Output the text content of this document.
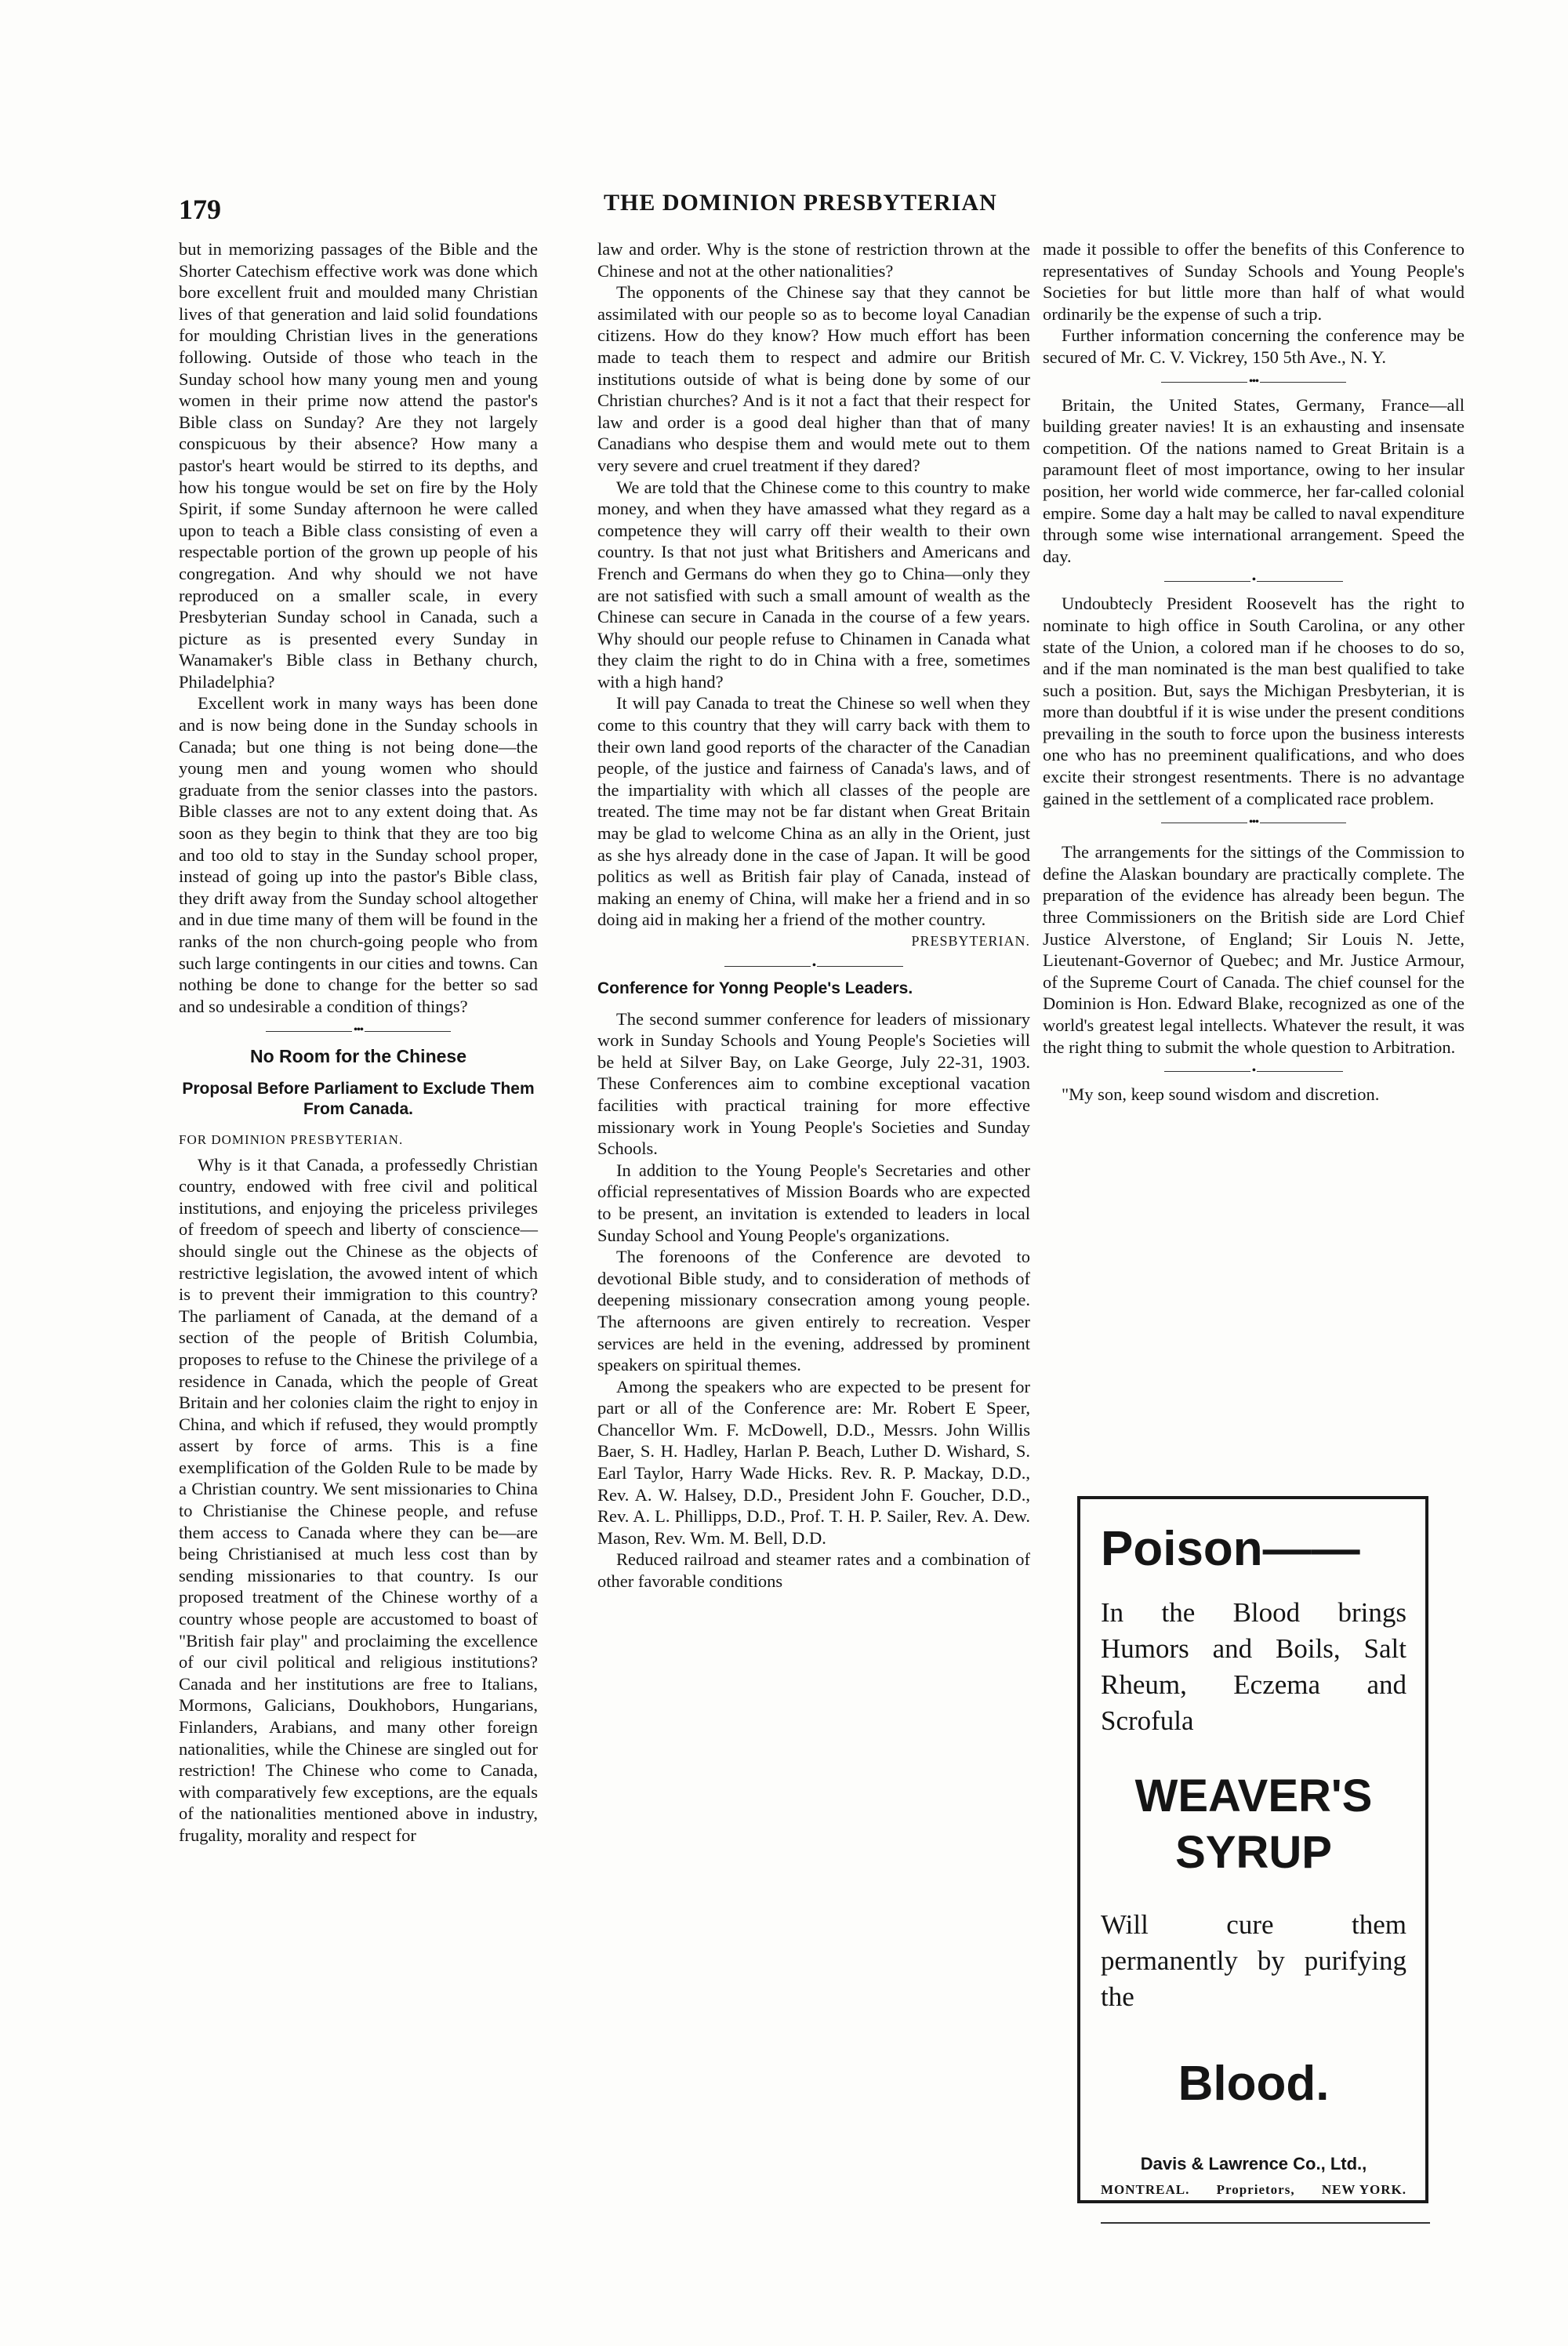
179	THE DOMINION PRESBYTERIAN

but in memorizing passages of the Bible and the Shorter Catechism effective work was done which bore excellent fruit and moulded many Christian lives of that generation and laid solid foundations for moulding Christian lives in the generations following. Outside of those who teach in the Sunday school how many young men and young women in their prime now attend the pastor's Bible class on Sunday? Are they not largely conspicuous by their absence? How many a pastor's heart would be stirred to its depths, and how his tongue would be set on fire by the Holy Spirit, if some Sunday afternoon he were called upon to teach a Bible class consisting of even a respectable portion of the grown up people of his congregation. And why should we not have reproduced on a smaller scale, in every Presbyterian Sunday school in Canada, such a picture as is presented every Sunday in Wanamaker's Bible class in Bethany church, Philadelphia?

Excellent work in many ways has been done and is now being done in the Sunday schools in Canada; but one thing is not being done—the young men and young women who should graduate from the senior classes into the pastors. Bible classes are not to any extent doing that. As soon as they begin to think that they are too big and too old to stay in the Sunday school proper, instead of going up into the pastor's Bible class, they drift away from the Sunday school altogether and in due time many of them will be found in the ranks of the non church-going people who from such large contingents in our cities and towns. Can nothing be done to change for the better so sad and so undesirable a condition of things?

•••
No Room for the Chinese
Proposal Before Parliament to Exclude Them From Canada.
FOR DOMINION PRESBYTERIAN.

Why is it that Canada, a professedly Christian country, endowed with free civil and political institutions, and enjoying the priceless privileges of freedom of speech and liberty of conscience—should single out the Chinese as the objects of restrictive legislation, the avowed intent of which is to prevent their immigration to this country? The parliament of Canada, at the demand of a section of the people of British Columbia, proposes to refuse to the Chinese the privilege of a residence in Canada, which the people of Great Britain and her colonies claim the right to enjoy in China, and which if refused, they would promptly assert by force of arms. This is a fine exemplification of the Golden Rule to be made by a Christian country. We sent missionaries to China to Christianise the Chinese people, and refuse them access to Canada where they can be—are being Christianised at much less cost than by sending missionaries to that country. Is our proposed treatment of the Chinese worthy of a country whose people are accustomed to boast of "British fair play" and proclaiming the excellence of our civil political and religious institutions? Canada and her institutions are free to Italians, Mormons, Galicians, Doukhobors, Hungarians, Finlanders, Arabians, and many other foreign nationalities, while the Chinese are singled out for restriction! The Chinese who come to Canada, with comparatively few exceptions, are the equals of the nationalities mentioned above in industry, frugality, morality and respect for

law and order. Why is the stone of restriction thrown at the Chinese and not at the other nationalities?

The opponents of the Chinese say that they cannot be assimilated with our people so as to become loyal Canadian citizens. How do they know? How much effort has been made to teach them to respect and admire our British institutions outside of what is being done by some of our Christian churches? And is it not a fact that their respect for law and order is a good deal higher than that of many Canadians who despise them and would mete out to them very severe and cruel treatment if they dared?

We are told that the Chinese come to this country to make money, and when they have amassed what they regard as a competence they will carry off their wealth to their own country. Is that not just what Britishers and Americans and French and Germans do when they go to China—only they are not satisfied with such a small amount of wealth as the Chinese can secure in Canada in the course of a few years. Why should our people refuse to Chinamen in Canada what they claim the right to do in China with a free, sometimes with a high hand?

It will pay Canada to treat the Chinese so well when they come to this country that they will carry back with them to their own land good reports of the character of the Canadian people, of the justice and fairness of Canada's laws, and of the impartiality with which all classes of the people are treated. The time may not be far distant when Great Britain may be glad to welcome China as an ally in the Orient, just as she hys already done in the case of Japan. It will be good politics as well as British fair play of Canada, instead of making an enemy of China, will make her a friend and in so doing aid in making her a friend of the mother country.

PRESBYTERIAN.
•
Conference for Yonng People's Leaders.

The second summer conference for leaders of missionary work in Sunday Schools and Young People's Societies will be held at Silver Bay, on Lake George, July 22-31, 1903. These Conferences aim to combine exceptional vacation facilities with practical training for more effective missionary work in Young People's Societies and Sunday Schools.

In addition to the Young People's Secretaries and other official representatives of Mission Boards who are expected to be present, an invitation is extended to leaders in local Sunday School and Young People's organizations.

The forenoons of the Conference are devoted to devotional Bible study, and to consideration of methods of deepening missionary consecration among young people. The afternoons are given entirely to recreation. Vesper services are held in the evening, addressed by prominent speakers on spiritual themes.

Among the speakers who are expected to be present for part or all of the Conference are: Mr. Robert E Speer, Chancellor Wm. F. McDowell, D.D., Messrs. John Willis Baer, S. H. Hadley, Harlan P. Beach, Luther D. Wishard, S. Earl Taylor, Harry Wade Hicks. Rev. R. P. Mackay, D.D., Rev. A. W. Halsey, D.D., President John F. Goucher, D.D., Rev. A. L. Phillipps, D.D., Prof. T. H. P. Sailer, Rev. A. Dew. Mason, Rev. Wm. M. Bell, D.D.

Reduced railroad and steamer rates and a combination of other favorable conditions

made it possible to offer the benefits of this Conference to representatives of Sunday Schools and Young People's Societies for but little more than half of what would ordinarily be the expense of such a trip.

Further information concerning the conference may be secured of Mr. C. V. Vickrey, 150 5th Ave., N. Y.

•••

Britain, the United States, Germany, France—all building greater navies! It is an exhausting and insensate competition. Of the nations named to Great Britain is a paramount fleet of most importance, owing to her insular position, her world wide commerce, her far-called colonial empire. Some day a halt may be called to naval expenditure through some wise international arrangement. Speed the day.

•

Undoubtecly President Roosevelt has the right to nominate to high office in South Carolina, or any other state of the Union, a colored man if he chooses to do so, and if the man nominated is the man best qualified to take such a position. But, says the Michigan Presbyterian, it is more than doubtful if it is wise under the present conditions prevailing in the south to force upon the business interests one who has no preeminent qualifications, and who does excite their strongest resentments. There is no advantage gained in the settlement of a complicated race problem.

•••

The arrangements for the sittings of the Commission to define the Alaskan boundary are practically complete. The preparation of the evidence has already been begun. The three Commissioners on the British side are Lord Chief Justice Alverstone, of England; Sir Louis N. Jette, Lieutenant-Governor of Quebec; and Mr. Justice Armour, of the Supreme Court of Canada. The chief counsel for the Dominion is Hon. Edward Blake, recognized as one of the world's greatest legal intellects. Whatever the result, it was the right thing to submit the whole question to Arbitration.

•

"My son, keep sound wisdom and discretion.

Poison——
In the Blood brings Humors and Boils, Salt Rheum, Eczema and Scrofula
WEAVER'S
SYRUP
Will cure them permanently by purifying the
Blood.
Davis & Lawrence Co., Ltd.,
MONTREAL. Proprietors, NEW YORK.
